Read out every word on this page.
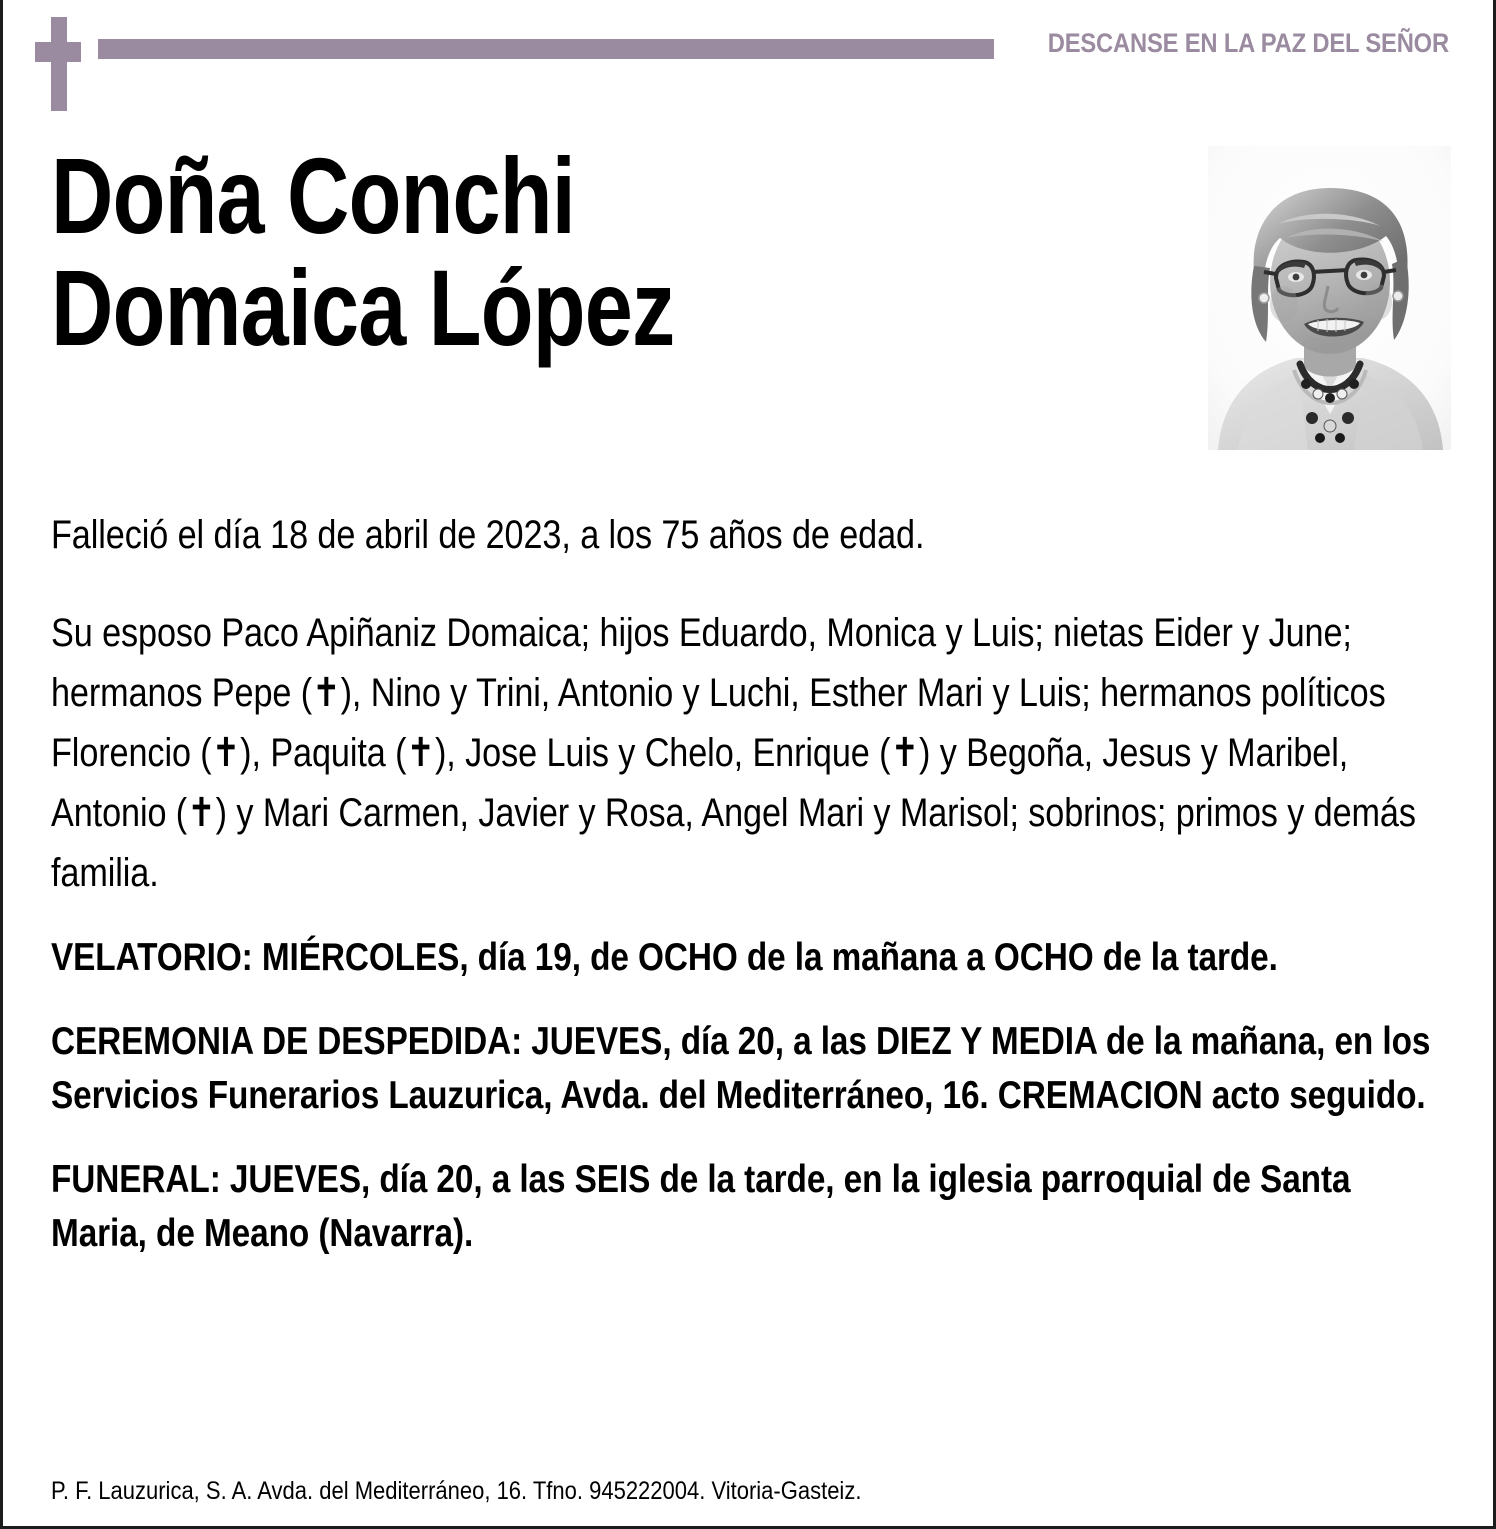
DESCANSE EN LA PAZ DEL SEÑOR
Doña Conchi
Domaica López

Falleció el día 18 de abril de 2023, a los 75 años de edad.

Su esposo Paco Apiñaniz Domaica; hijos Eduardo, Monica y Luis; nietas Eider y June; hermanos Pepe (✝), Nino y Trini, Antonio y Luchi, Esther Mari y Luis; hermanos políticos Florencio (✝), Paquita (✝), Jose Luis y Chelo, Enrique (✝) y Begoña, Jesus y Maribel, Antonio (✝) y Mari Carmen, Javier y Rosa, Angel Mari y Marisol; sobrinos; primos y demás familia.

VELATORIO: MIÉRCOLES, día 19, de OCHO de la mañana a OCHO de la tarde.

CEREMONIA DE DESPEDIDA: JUEVES, día 20, a las DIEZ Y MEDIA de la mañana, en los Servicios Funerarios Lauzurica, Avda. del Mediterráneo, 16. CREMACION acto seguido.

FUNERAL: JUEVES, día 20, a las SEIS de la tarde, en la iglesia parroquial de Santa Maria, de Meano (Navarra).

P. F. Lauzurica, S. A. Avda. del Mediterráneo, 16. Tfno. 945222004. Vitoria-Gasteiz.
